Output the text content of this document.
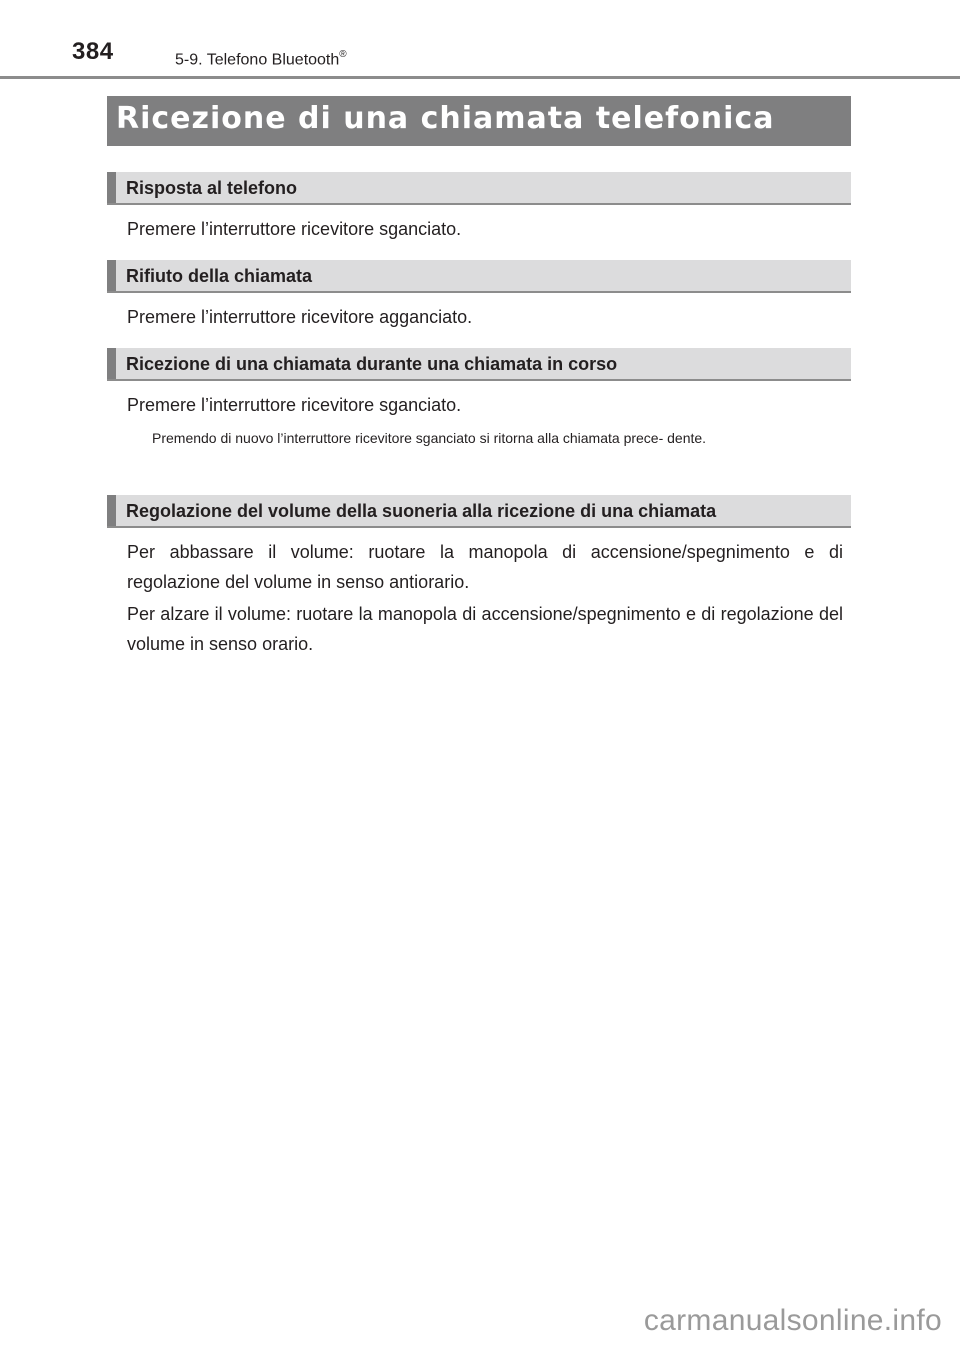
384	5-9. Telefono Bluetooth®
Ricezione di una chiamata telefonica
Risposta al telefono
Premere l’interruttore ricevitore sganciato.
Rifiuto della chiamata
Premere l’interruttore ricevitore agganciato.
Ricezione di una chiamata durante una chiamata in corso
Premere l’interruttore ricevitore sganciato.
Premendo di nuovo l’interruttore ricevitore sganciato si ritorna alla chiamata prece- dente.
Regolazione del volume della suoneria alla ricezione di una chiamata
Per abbassare il volume: ruotare la manopola di accensione/spegnimento e di regolazione del volume in senso antiorario.
Per alzare il volume: ruotare la manopola di accensione/spegnimento e di regolazione del volume in senso orario.
carmanualsonline.info
